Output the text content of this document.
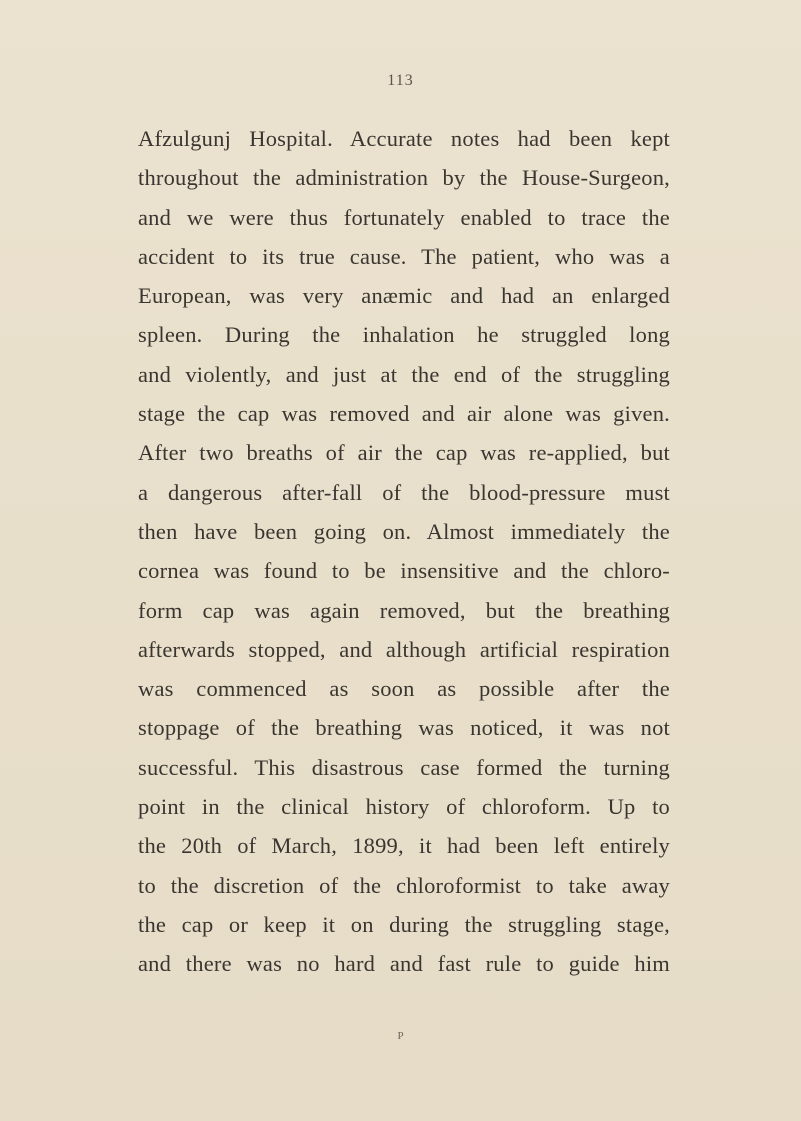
113
Afzulgunj Hospital. Accurate notes had been kept
throughout the administration by the House-Surgeon,
and we were thus fortunately enabled to trace the
accident to its true cause. The patient, who was a
European, was very anæmic and had an enlarged
spleen. During the inhalation he struggled long
and violently, and just at the end of the struggling
stage the cap was removed and air alone was given.
After two breaths of air the cap was re-applied, but
a dangerous after-fall of the blood-pressure must
then have been going on. Almost immediately the
cornea was found to be insensitive and the chloro-
form cap was again removed, but the breathing
afterwards stopped, and although artificial respiration
was commenced as soon as possible after the
stoppage of the breathing was noticed, it was not
successful. This disastrous case formed the turning
point in the clinical history of chloroform. Up to
the 20th of March, 1899, it had been left entirely
to the discretion of the chloroformist to take away
the cap or keep it on during the struggling stage,
and there was no hard and fast rule to guide him
P
